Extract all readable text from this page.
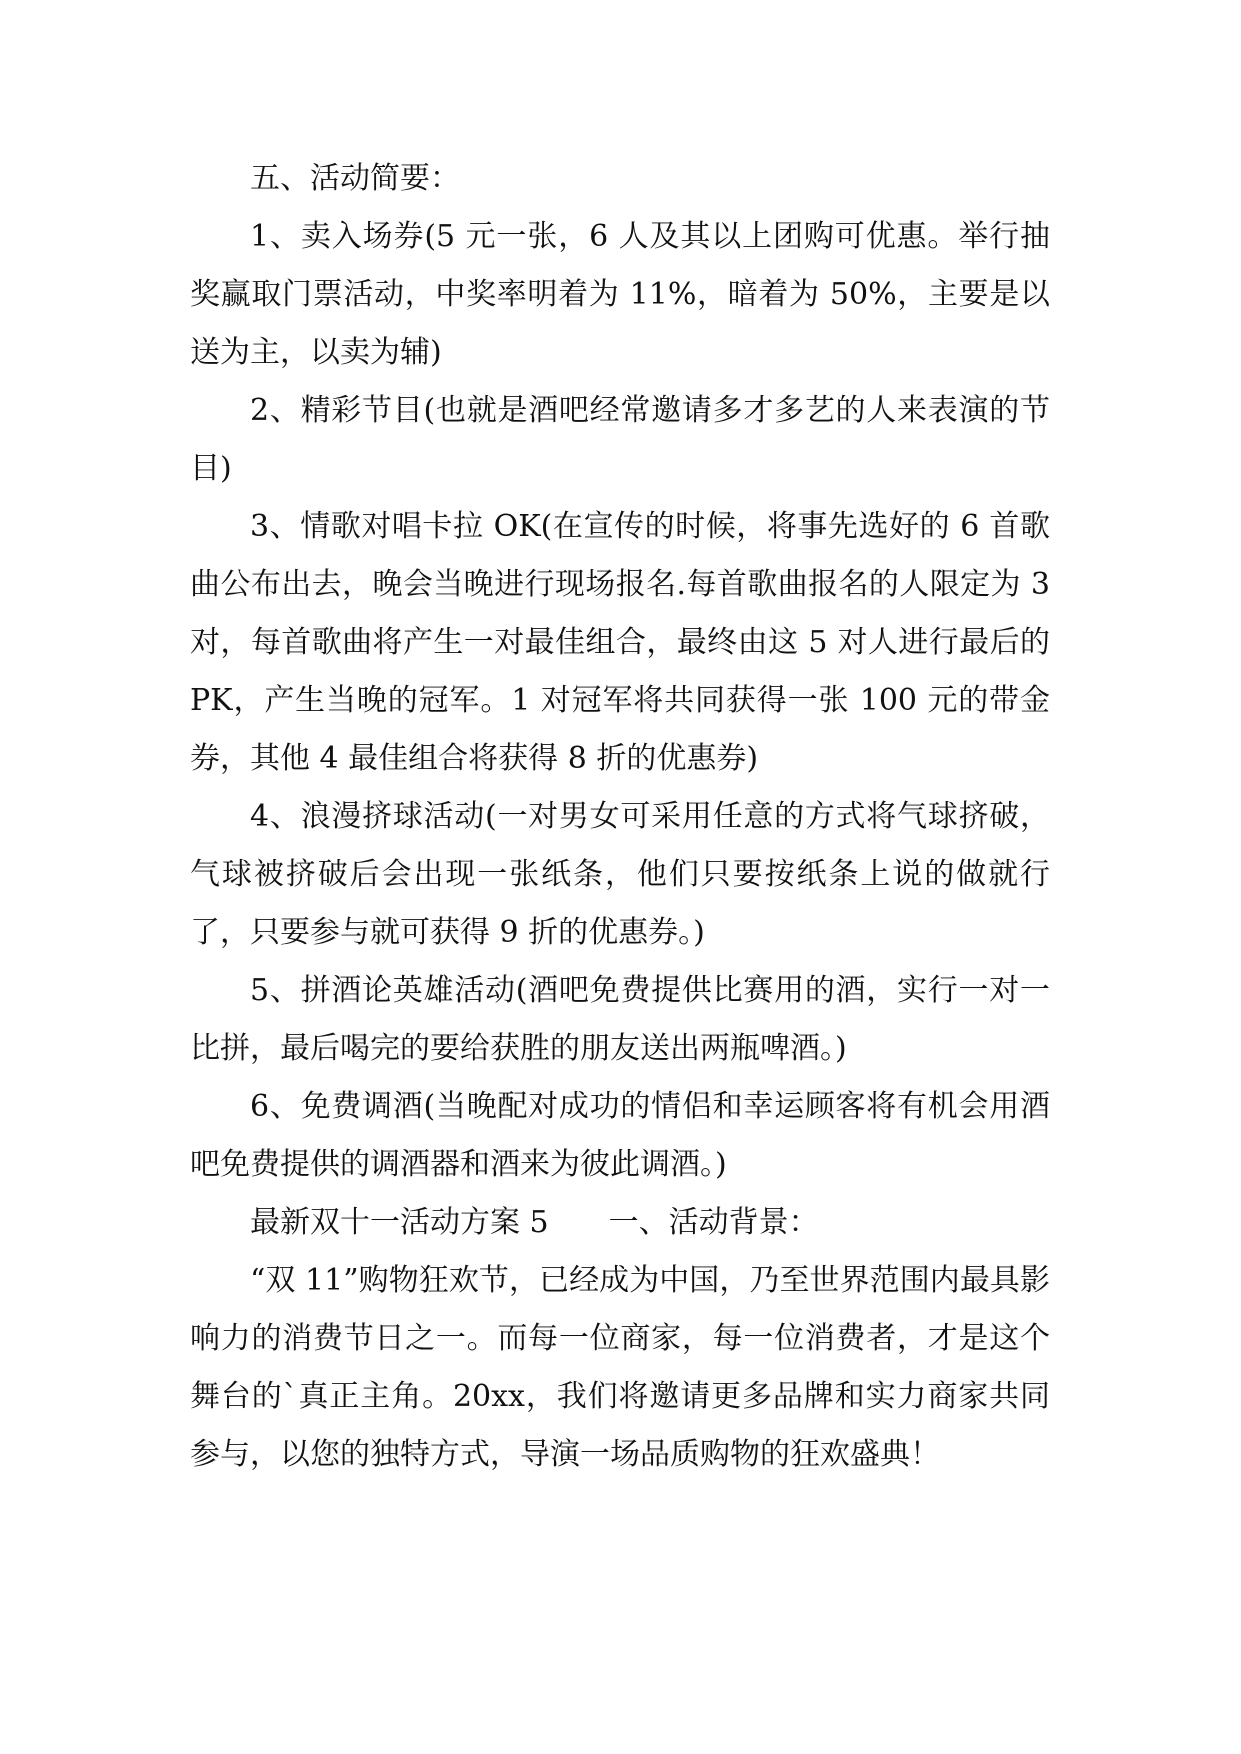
五、活动简要：

1、卖入场券(5 元一张，6 人及其以上团购可优惠。举行抽奖赢取门票活动，中奖率明着为 11%，暗着为 50%，主要是以送为主，以卖为辅)

2、精彩节目(也就是酒吧经常邀请多才多艺的人来表演的节目)

3、情歌对唱卡拉 OK(在宣传的时候，将事先选好的 6 首歌曲公布出去，晚会当晚进行现场报名.每首歌曲报名的人限定为 3 对，每首歌曲将产生一对最佳组合，最终由这 5 对人进行最后的 PK，产生当晚的冠军。1 对冠军将共同获得一张 100 元的带金券，其他 4 最佳组合将获得 8 折的优惠券)

4、浪漫挤球活动(一对男女可采用任意的方式将气球挤破，气球被挤破后会出现一张纸条，他们只要按纸条上说的做就行了，只要参与就可获得 9 折的优惠券。)

5、拼酒论英雄活动(酒吧免费提供比赛用的酒，实行一对一比拼，最后喝完的要给获胜的朋友送出两瓶啤酒。)

6、免费调酒(当晚配对成功的情侣和幸运顾客将有机会用酒吧免费提供的调酒器和酒来为彼此调酒。)

最新双十一活动方案 5　　一、活动背景：

“双 11”购物狂欢节，已经成为中国，乃至世界范围内最具影响力的消费节日之一。而每一位商家，每一位消费者，才是这个舞台的`真正主角。20xx，我们将邀请更多品牌和实力商家共同参与，以您的独特方式，导演一场品质购物的狂欢盛典！
